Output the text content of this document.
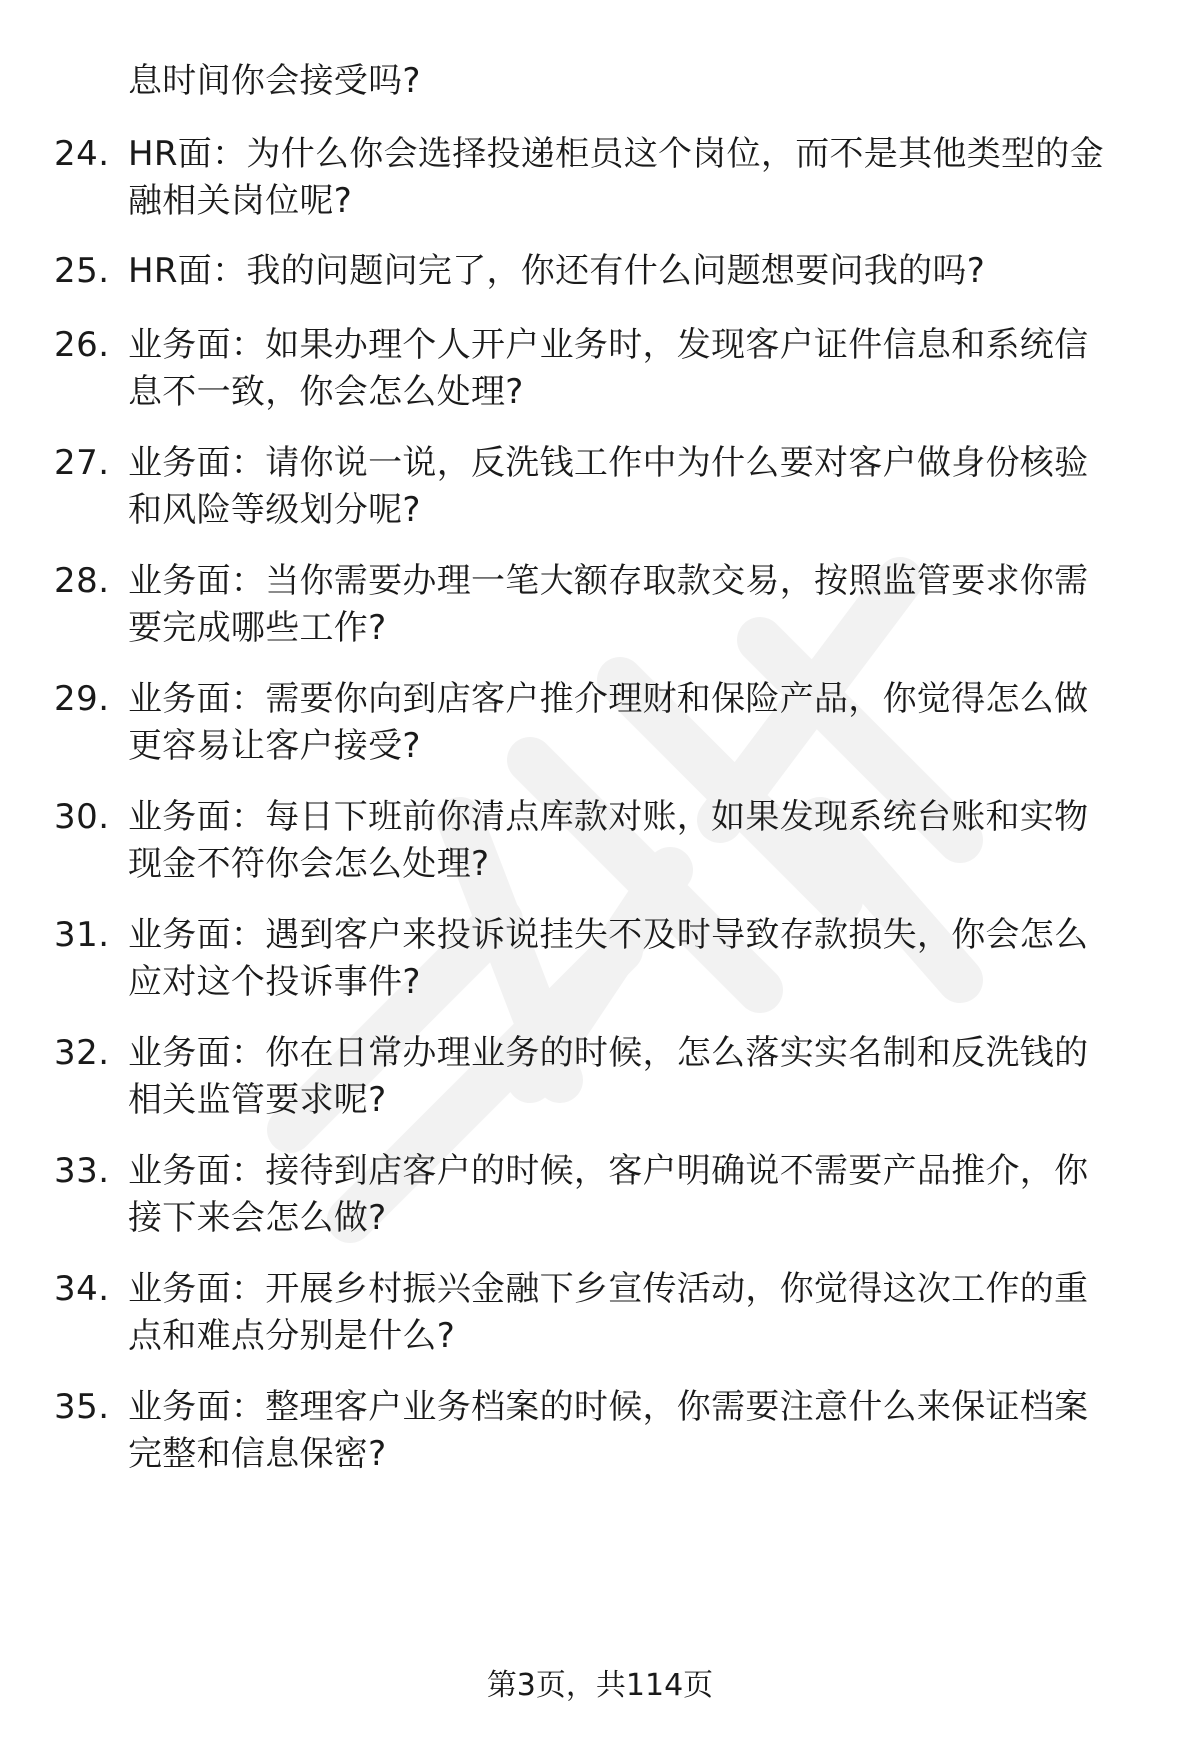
息时间你会接受吗?
24. HR面：为什么你会选择投递柜员这个岗位，而不是其他类型的金
融相关岗位呢?
25. HR面：我的问题问完了，你还有什么问题想要问我的吗?
26. 业务面：如果办理个人开户业务时，发现客户证件信息和系统信
息不一致，你会怎么处理?
27. 业务面：请你说一说，反洗钱工作中为什么要对客户做身份核验
和风险等级划分呢?
28. 业务面：当你需要办理一笔大额存取款交易，按照监管要求你需
要完成哪些工作?
29. 业务面：需要你向到店客户推介理财和保险产品，你觉得怎么做
更容易让客户接受?
30. 业务面：每日下班前你清点库款对账，如果发现系统台账和实物
现金不符你会怎么处理?
31. 业务面：遇到客户来投诉说挂失不及时导致存款损失，你会怎么
应对这个投诉事件?
32. 业务面：你在日常办理业务的时候，怎么落实实名制和反洗钱的
相关监管要求呢?
33. 业务面：接待到店客户的时候，客户明确说不需要产品推介，你
接下来会怎么做?
34. 业务面：开展乡村振兴金融下乡宣传活动，你觉得这次工作的重
点和难点分别是什么?
35. 业务面：整理客户业务档案的时候，你需要注意什么来保证档案
完整和信息保密?
第3页，共114页
